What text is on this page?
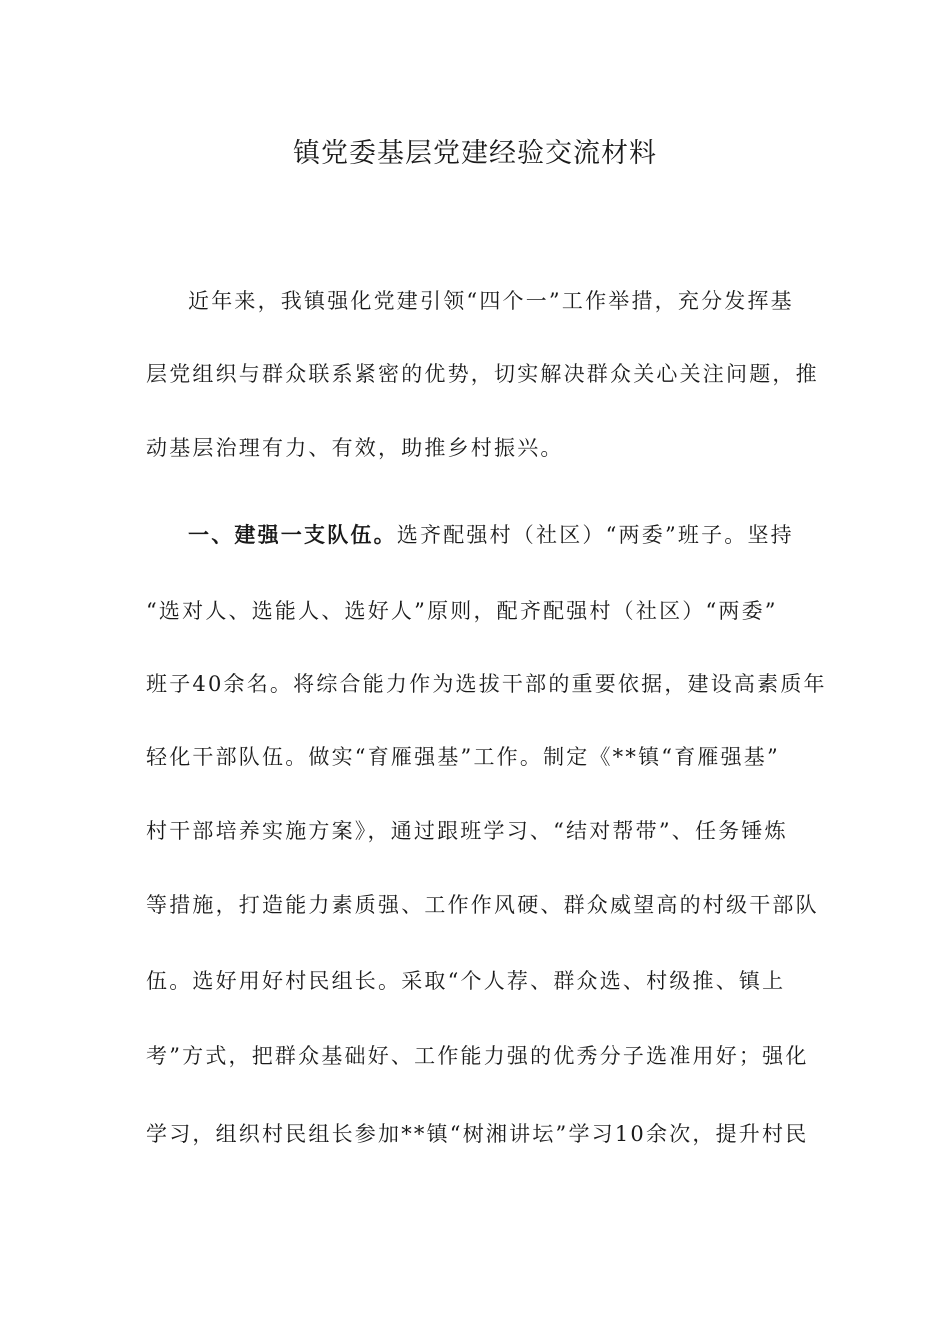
镇党委基层党建经验交流材料

近年来，我镇强化党建引领“四个一”工作举措，充分发挥基

层党组织与群众联系紧密的优势，切实解决群众关心关注问题，推

动基层治理有力、有效，助推乡村振兴。

一、建强一支队伍。选齐配强村（社区）“两委”班子。坚持

“选对人、选能人、选好人”原则，配齐配强村（社区）“两委”

班子40余名。将综合能力作为选拔干部的重要依据，建设高素质年

轻化干部队伍。做实“育雁强基”工作。制定《**镇“育雁强基”

村干部培养实施方案》，通过跟班学习、“结对帮带”、任务锤炼

等措施，打造能力素质强、工作作风硬、群众威望高的村级干部队

伍。选好用好村民组长。采取“个人荐、群众选、村级推、镇上

考”方式，把群众基础好、工作能力强的优秀分子选准用好；强化

学习，组织村民组长参加**镇“树湘讲坛”学习10余次，提升村民
